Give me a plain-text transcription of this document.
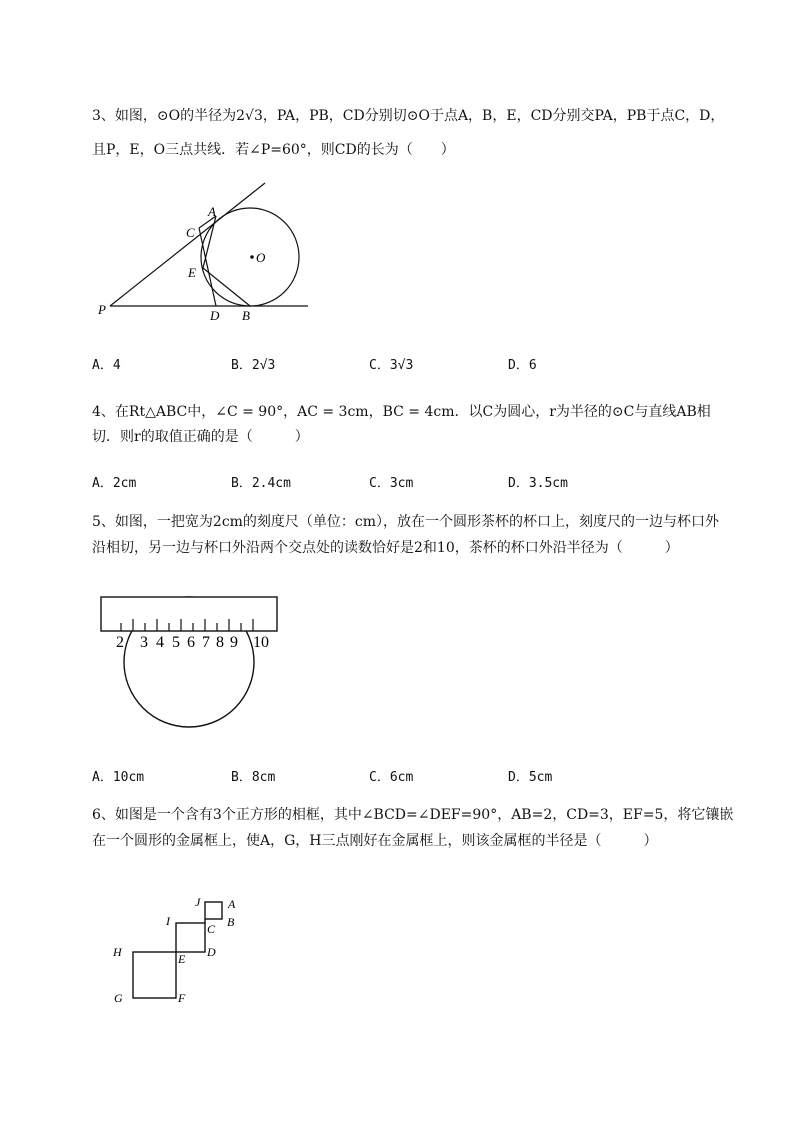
3、如图，⊙O的半径为2√3，PA，PB，CD分别切⊙O于点A，B，E，CD分别交PA，PB于点C，D，
且P，E，O三点共线．若∠P=60°，则CD的长为（　　）
A
C
E
O
P	D B
A．4	B．2√3	C．3√3	D．6
4、在Rt△ABC中，∠C = 90°，AC = 3cm，BC = 4cm．以C为圆心，r为半径的⊙C与直线AB相
切．则r的取值正确的是（　　　）
A．2cm	B．2.4cm	C．3cm	D．3.5cm
5、如图，一把宽为2cm的刻度尺（单位：cm），放在一个圆形茶杯的杯口上，刻度尺的一边与杯口外
沿相切，另一边与杯口外沿两个交点处的读数恰好是2和10，茶杯的杯口外沿半径为（　　　）
2 3 4 5 6 7 8 9 10
A．10cm	B．8cm	C．6cm	D．5cm
6、如图是一个含有3个正方形的相框，其中∠BCD=∠DEF=90°，AB=2，CD=3，EF=5，将它镶嵌
在一个圆形的金属框上，使A，G，H三点刚好在金属框上，则该金属框的半径是（　　　）
J A
B
I
C
H	E D
G	F
